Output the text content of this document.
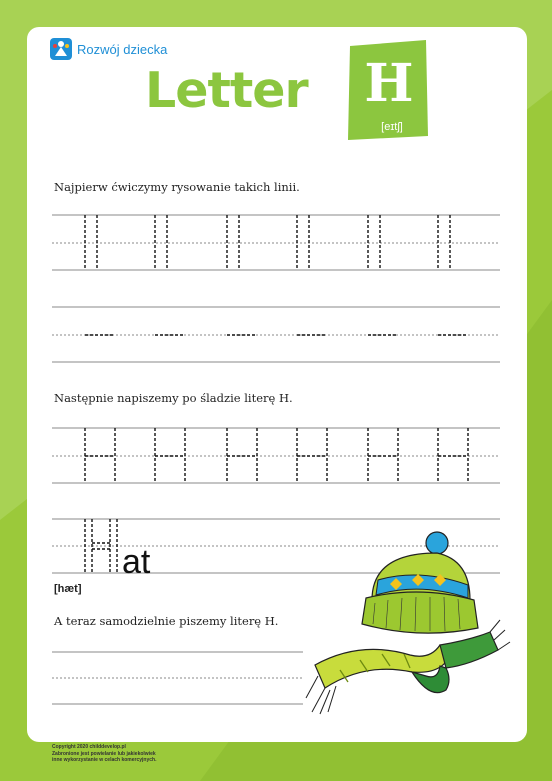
Rozwój dziecka
Letter H
[eɪtʃ]
Najpierw ćwiczymy rysowanie takich linii.
Następnie napiszemy po śladzie literę H.
A teraz samodzielnie piszemy literę H.
at
[hæt]
Copyright 2020 childdevelop.pl
Zabronione jest powielanie lub jakiekolwiek
inne wykorzystanie w celach komercyjnych.
